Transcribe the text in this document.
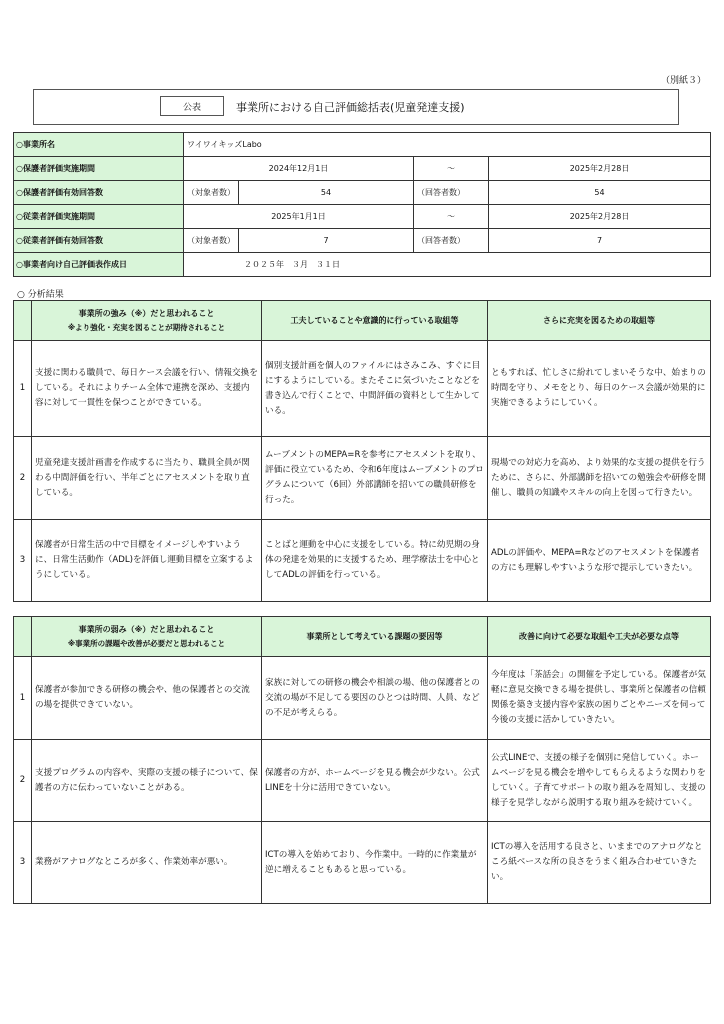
（別紙３）
公表	事業所における自己評価総括表(児童発達支援)
○事業所名	ワイワイキッズLabo			
○保護者評価実施期間	2024年12月1日		～	2025年2月28日
○保護者評価有効回答数	（対象者数）	54	（回答者数）	54
○従業者評価実施期間	2025年1月1日		～	2025年2月28日
○従業者評価有効回答数	（対象者数）	7	（回答者数）	7
○事業者向け自己評価表作成日	２０２５年　３月　３１日			
○ 分析結果

	事業所の強み（※）だと思われること
※より強化・充実を図ることが期待されること	工夫していることや意識的に行っている取組等	さらに充実を図るための取組等
1	支援に関わる職員で、毎日ケース会議を行い、情報交換をしている。それによりチーム全体で連携を深め、支援内容に対して一貫性を保つことができている。	個別支援計画を個人のファイルにはさみこみ、すぐに目にするようにしている。またそこに気づいたことなどを書き込んで行くことで、中間評価の資料として生かしている。	ともすれば、忙しさに紛れてしまいそうな中、始まりの時間を守り、メモをとり、毎日のケース会議が効果的に実施できるようにしていく。
2	児童発達支援計画書を作成するに当たり、職員全員が関わる中間評価を行い、半年ごとにアセスメントを取り直している。	ムーブメントのMEPA=Rを参考にアセスメントを取り、評価に役立ているため、令和6年度はムーブメントのプログラムについて（6回）外部講師を招いての職員研修を行った。	現場での対応力を高め、より効果的な支援の提供を行うために、さらに、外部講師を招いての勉強会や研修を開催し、職員の知識やスキルの向上を図って行きたい。
3	保護者が日常生活の中で目標をイメージしやすいように、日常生活動作（ADL)を評価し運動目標を立案するようにしている。	ことばと運動を中心に支援をしている。特に幼児期の身体の発達を効果的に支援するため、理学療法士を中心としてADLの評価を行っている。	ADLの評価や、MEPA=Rなどのアセスメントを保護者の方にも理解しやすいような形で提示していきたい。

	事業所の弱み（※）だと思われること
※事業所の課題や改善が必要だと思われること	事業所として考えている課題の要因等	改善に向けて必要な取組や工夫が必要な点等
1	保護者が参加できる研修の機会や、他の保護者との交流の場を提供できていない。	家族に対しての研修の機会や相談の場、他の保護者との交流の場が不足してる要因のひとつは時間、人員、などの不足が考えらる。	今年度は「茶話会」の開催を予定している。保護者が気軽に意見交換できる場を提供し、事業所と保護者の信頼関係を築き支援内容や家族の困りごとやニーズを伺って今後の支援に活かしていきたい。
2	支援プログラムの内容や、実際の支援の様子について、保護者の方に伝わっていないことがある。	保護者の方が、ホームページを見る機会が少ない。公式LINEを十分に活用できていない。	公式LINEで、支援の様子を個別に発信していく。ホームページを見る機会を増やしてもらえるような関わりをしていく。子育てサポートの取り組みを周知し、支援の様子を見学しながら説明する取り組みを続けていく。
3	業務がアナログなところが多く、作業効率が悪い。	ICTの導入を始めており、今作業中。一時的に作業量が逆に増えることもあると思っている。	ICTの導入を活用する良さと、いままでのアナログなところ紙ベースな所の良さをうまく組み合わせていきたい。
